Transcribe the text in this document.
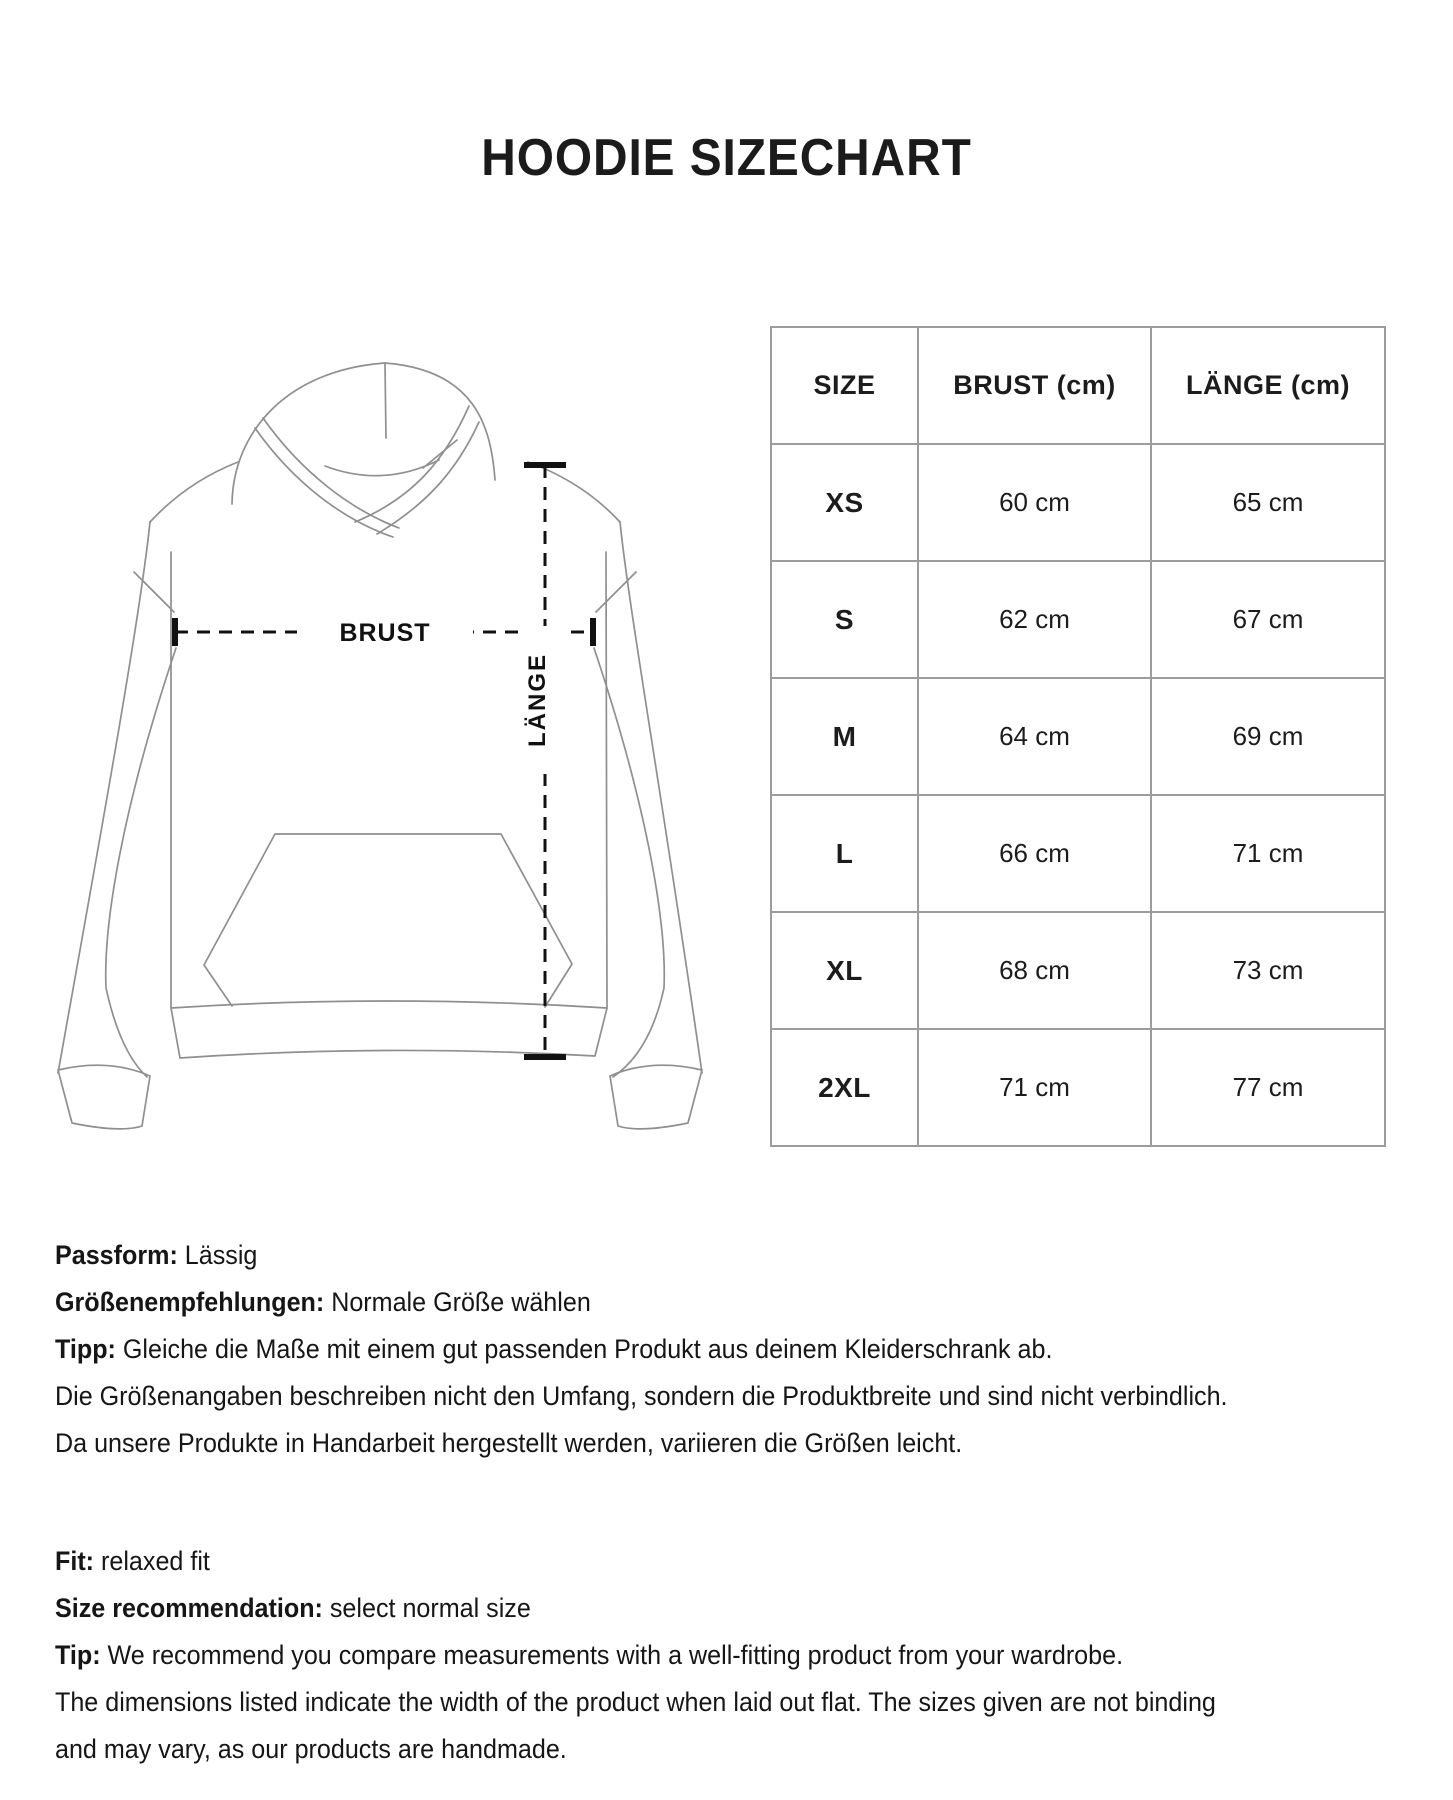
HOODIE SIZECHART
BRUST
LÄNGE
SIZE	BRUST (cm)	LÄNGE (cm)
XS	60 cm	65 cm
S	62 cm	67 cm
M	64 cm	69 cm
L	66 cm	71 cm
XL	68 cm	73 cm
2XL	71 cm	77 cm
Passform: Lässig
Größenempfehlungen: Normale Größe wählen
Tipp: Gleiche die Maße mit einem gut passenden Produkt aus deinem Kleiderschrank ab.
Die Größenangaben beschreiben nicht den Umfang, sondern die Produktbreite und sind nicht verbindlich.
Da unsere Produkte in Handarbeit hergestellt werden, variieren die Größen leicht.
Fit: relaxed fit
Size recommendation: select normal size
Tip: We recommend you compare measurements with a well-fitting product from your wardrobe.
The dimensions listed indicate the width of the product when laid out flat. The sizes given are not binding
and may vary, as our products are handmade.
